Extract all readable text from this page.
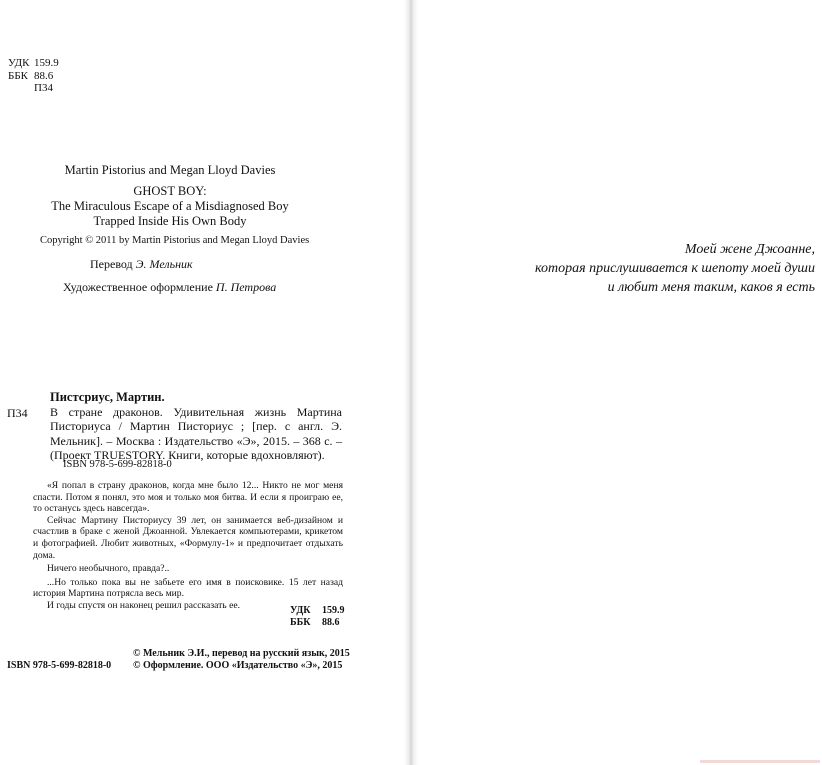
УДК 159.9
ББК 88.6
П34
Martin Pistorius and Megan Lloyd Davies
GHOST BOY:
The Miraculous Escape of a Misdiagnosed Boy
Trapped Inside His Own Body
Copyright © 2011 by Martin Pistorius and Megan Lloyd Davies
Перевод Э. Мельник
Художественное оформление П. Петрова
Пистсриус, Мартин.
П34 В стране драконов. Удивительная жизнь Мартина Писториуса / Мартин Писториус ; [пер. с англ. Э. Мельник]. – Москва : Издательство «Э», 2015. – 368 с. – (Проект TRUESTORY. Книги, которые вдохновляют).
ISBN 978-5-699-82818-0

«Я попал в страну драконов, когда мне было 12... Никто не мог меня спасти. Потом я понял, это моя и только моя битва. И если я проиграю ее, то останусь здесь навсегда».

Сейчас Мартину Писториусу 39 лет, он занимается веб-дизайном и счастлив в браке с женой Джоанной. Увлекается компьютерами, крикетом и фотографией. Любит животных, «Формулу-1» и предпочитает отдыхать дома.

Ничего необычного, правда?..

...Но только пока вы не забьете его имя в поисковике. 15 лет назад история Мартина потрясла весь мир.

И годы спустя он наконец решил рассказать ее.	УДК 159.9
ББК 88.6
© Мельник Э.И., перевод на русский язык, 2015
© Оформление. ООО «Издательство «Э», 2015
ISBN 978-5-699-82818-0
Моей жене Джоанне,
которая прислушивается к шепоту моей души
и любит меня таким, каков я есть
